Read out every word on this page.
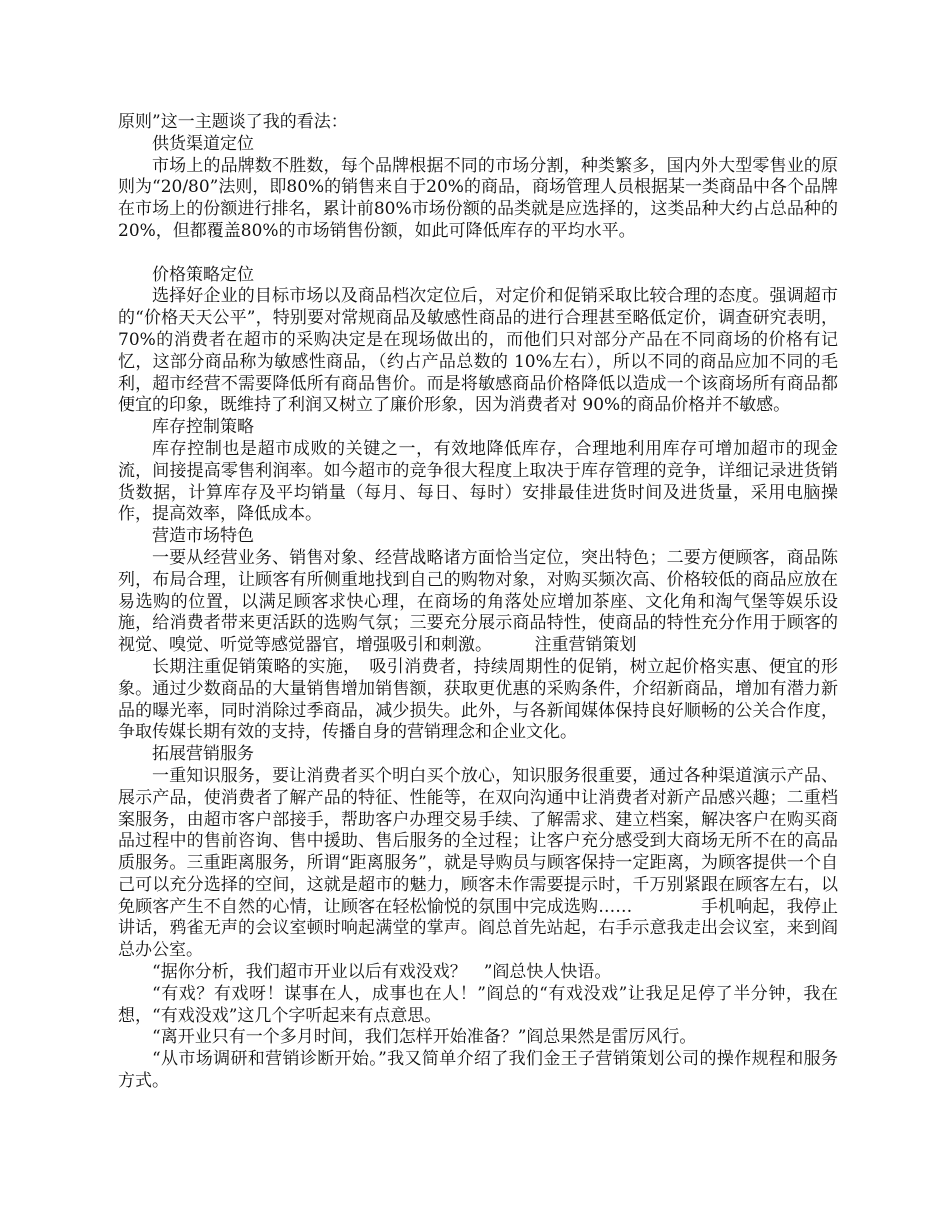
原则”这一主题谈了我的看法：

供货渠道定位

市场上的品牌数不胜数，每个品牌根据不同的市场分割，种类繁多，国内外大型零售业的原则为“20/80”法则，即80%的销售来自于20%的商品，商场管理人员根据某一类商品中各个品牌在市场上的份额进行排名，累计前80%市场份额的品类就是应选择的，这类品种大约占总品种的20%，但都覆盖80%的市场销售份额，如此可降低库存的平均水平。

价格策略定位

选择好企业的目标市场以及商品档次定位后，对定价和促销采取比较合理的态度。强调超市的“价格天天公平”，特别要对常规商品及敏感性商品的进行合理甚至略低定价，调查研究表明，70%的消费者在超市的采购决定是在现场做出的，而他们只对部分产品在不同商场的价格有记忆，这部分商品称为敏感性商品，（约占产品总数的 10%左右），所以不同的商品应加不同的毛利，超市经营不需要降低所有商品售价。而是将敏感商品价格降低以造成一个该商场所有商品都便宜的印象，既维持了利润又树立了廉价形象，因为消费者对 90%的商品价格并不敏感。

库存控制策略

库存控制也是超市成败的关键之一，有效地降低库存，合理地利用库存可增加超市的现金流，间接提高零售利润率。如今超市的竞争很大程度上取决于库存管理的竞争，详细记录进货销货数据，计算库存及平均销量（每月、每日、每时）安排最佳进货时间及进货量，采用电脑操作，提高效率，降低成本。

营造市场特色

一要从经营业务、销售对象、经营战略诸方面恰当定位，突出特色；二要方便顾客，商品陈列，布局合理，让顾客有所侧重地找到自己的购物对象，对购买频次高、价格较低的商品应放在易选购的位置，以满足顾客求快心理，在商场的角落处应增加茶座、文化角和淘气堡等娱乐设施，给消费者带来更活跃的选购气氛；三要充分展示商品特性，使商品的特性充分作用于顾客的视觉、嗅觉、听觉等感觉器官，增强吸引和刺激。　　　注重营销策划

长期注重促销策略的实施，　吸引消费者，持续周期性的促销，树立起价格实惠、便宜的形象。通过少数商品的大量销售增加销售额，获取更优惠的采购条件，介绍新商品，增加有潜力新品的曝光率，同时消除过季商品，减少损失。此外，与各新闻媒体保持良好顺畅的公关合作度，争取传媒长期有效的支持，传播自身的营销理念和企业文化。

拓展营销服务

一重知识服务，要让消费者买个明白买个放心，知识服务很重要，通过各种渠道演示产品、展示产品，使消费者了解产品的特征、性能等，在双向沟通中让消费者对新产品感兴趣；二重档案服务，由超市客户部接手，帮助客户办理交易手续、了解需求、建立档案，解决客户在购买商品过程中的售前咨询、售中援助、售后服务的全过程；让客户充分感受到大商场无所不在的高品质服务。三重距离服务，所谓“距离服务”，就是导购员与顾客保持一定距离，为顾客提供一个自己可以充分选择的空间，这就是超市的魅力，顾客未作需要提示时，千万别紧跟在顾客左右，以免顾客产生不自然的心情，让顾客在轻松愉悦的氛围中完成选购……　　　　手机响起，我停止讲话，鸦雀无声的会议室顿时响起满堂的掌声。阎总首先站起，右手示意我走出会议室，来到阎总办公室。

“据你分析，我们超市开业以后有戏没戏？　”阎总快人快语。

“有戏？有戏呀！谋事在人，成事也在人！”阎总的“有戏没戏”让我足足停了半分钟，我在想，“有戏没戏”这几个字听起来有点意思。

“离开业只有一个多月时间，我们怎样开始准备？”阎总果然是雷厉风行。

“从市场调研和营销诊断开始。”我又简单介绍了我们金王子营销策划公司的操作规程和服务方式。
